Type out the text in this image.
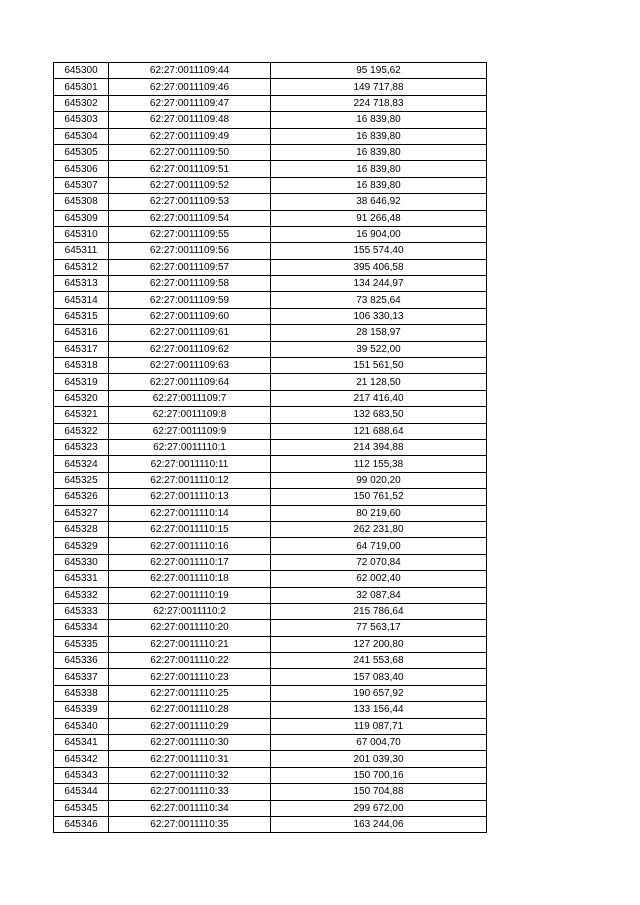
645300	62:27:0011109:44	95 195,62
645301	62:27:0011109:46	149 717,88
645302	62:27:0011109:47	224 718,83
645303	62:27:0011109:48	16 839,80
645304	62:27:0011109:49	16 839,80
645305	62:27:0011109:50	16 839,80
645306	62:27:0011109:51	16 839,80
645307	62:27:0011109:52	16 839,80
645308	62:27:0011109:53	38 646,92
645309	62:27:0011109:54	91 266,48
645310	62:27:0011109:55	16 904,00
645311	62:27:0011109:56	155 574,40
645312	62:27:0011109:57	395 406,58
645313	62:27:0011109:58	134 244,97
645314	62:27:0011109:59	73 825,64
645315	62:27:0011109:60	106 330,13
645316	62:27:0011109:61	28 158,97
645317	62:27:0011109:62	39 522,00
645318	62:27:0011109:63	151 561,50
645319	62:27:0011109:64	21 128,50
645320	62:27:0011109:7	217 416,40
645321	62:27:0011109:8	132 683,50
645322	62:27:0011109:9	121 688,64
645323	62:27:0011110:1	214 394,88
645324	62:27:0011110:11	112 155,38
645325	62:27:0011110:12	99 020,20
645326	62:27:0011110:13	150 761,52
645327	62:27:0011110:14	80 219,60
645328	62:27:0011110:15	262 231,80
645329	62:27:0011110:16	64 719,00
645330	62:27:0011110:17	72 070,84
645331	62:27:0011110:18	62 002,40
645332	62:27:0011110:19	32 087,84
645333	62:27:0011110:2	215 786,64
645334	62:27:0011110:20	77 563,17
645335	62:27:0011110:21	127 200,80
645336	62:27:0011110:22	241 553,68
645337	62:27:0011110:23	157 083,40
645338	62:27:0011110:25	190 657,92
645339	62:27:0011110:28	133 156,44
645340	62:27:0011110:29	119 087,71
645341	62:27:0011110:30	67 004,70
645342	62:27:0011110:31	201 039,30
645343	62:27:0011110:32	150 700,16
645344	62:27:0011110:33	150 704,88
645345	62:27:0011110:34	299 672,00
645346	62:27:0011110:35	163 244,06
